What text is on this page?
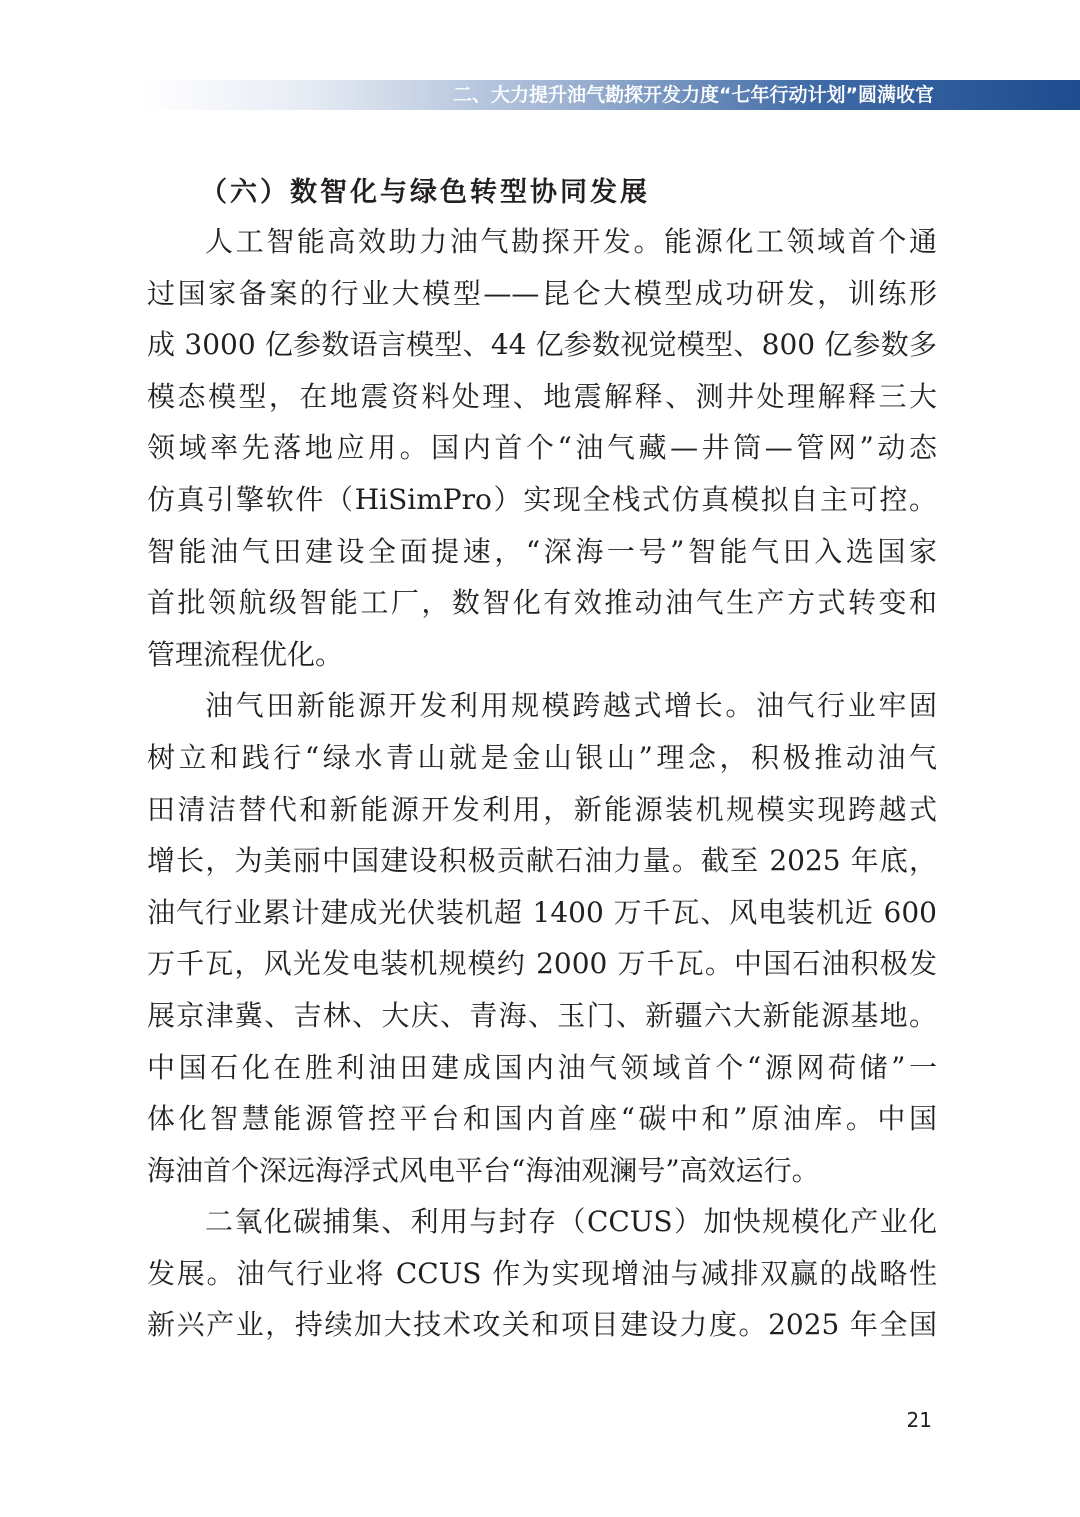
二、大力提升油气勘探开发力度“七年行动计划”圆满收官
（六）数智化与绿色转型协同发展
人工智能高效助力油气勘探开发。能源化工领域首个通
过国家备案的行业大模型——昆仑大模型成功研发，训练形
成 3000 亿参数语言模型、44 亿参数视觉模型、800 亿参数多
模态模型，在地震资料处理、地震解释、测井处理解释三大
领域率先落地应用。国内首个“油气藏—井筒—管网”动态
仿真引擎软件（HiSimPro）实现全栈式仿真模拟自主可控。
智能油气田建设全面提速，“深海一号”智能气田入选国家
首批领航级智能工厂，数智化有效推动油气生产方式转变和
管理流程优化。
油气田新能源开发利用规模跨越式增长。油气行业牢固
树立和践行“绿水青山就是金山银山”理念，积极推动油气
田清洁替代和新能源开发利用，新能源装机规模实现跨越式
增长，为美丽中国建设积极贡献石油力量。截至 2025 年底，
油气行业累计建成光伏装机超 1400 万千瓦、风电装机近 600
万千瓦，风光发电装机规模约 2000 万千瓦。中国石油积极发
展京津冀、吉林、大庆、青海、玉门、新疆六大新能源基地。
中国石化在胜利油田建成国内油气领域首个“源网荷储”一
体化智慧能源管控平台和国内首座“碳中和”原油库。中国
海油首个深远海浮式风电平台“海油观澜号”高效运行。
二氧化碳捕集、利用与封存（CCUS）加快规模化产业化
发展。油气行业将 CCUS 作为实现增油与减排双赢的战略性
新兴产业，持续加大技术攻关和项目建设力度。2025 年全国
21
